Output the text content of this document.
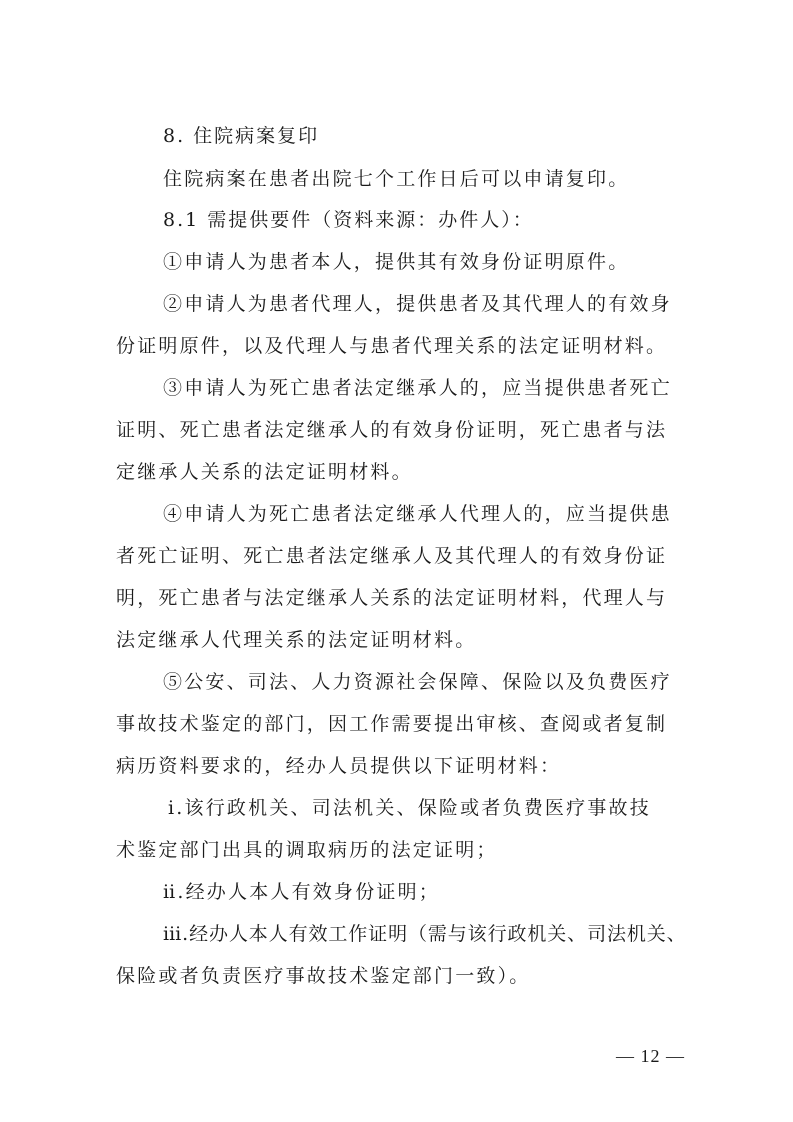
8. 住院病案复印
住院病案在患者出院七个工作日后可以申请复印。
8.1 需提供要件（资料来源：办件人）：
①申请人为患者本人，提供其有效身份证明原件。
②申请人为患者代理人，提供患者及其代理人的有效身
份证明原件，以及代理人与患者代理关系的法定证明材料。
③申请人为死亡患者法定继承人的，应当提供患者死亡
证明、死亡患者法定继承人的有效身份证明，死亡患者与法
定继承人关系的法定证明材料。
④申请人为死亡患者法定继承人代理人的，应当提供患
者死亡证明、死亡患者法定继承人及其代理人的有效身份证
明，死亡患者与法定继承人关系的法定证明材料，代理人与
法定继承人代理关系的法定证明材料。
⑤公安、司法、人力资源社会保障、保险以及负费医疗
事故技术鉴定的部门，因工作需要提出审核、查阅或者复制
病历资料要求的，经办人员提供以下证明材料：
ⅰ.该行政机关、司法机关、保险或者负费医疗事故技
术鉴定部门出具的调取病历的法定证明；
ⅱ.经办人本人有效身份证明；
ⅲ.经办人本人有效工作证明（需与该行政机关、司法机关、
保险或者负责医疗事故技术鉴定部门一致）。
— 12 —
